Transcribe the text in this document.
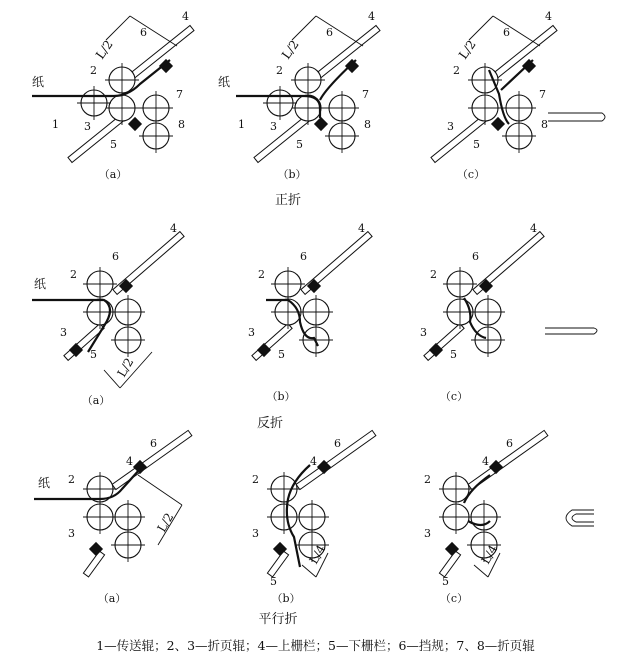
L/2
1
2
3
4
5
6
7
8
纸
L/2
1
2
3
4
5
6
7
8
纸
L/2
2
3
4
5
6
7
8
2
3
4
5
6
纸
L/2
2
3
4
5
6
2
3
4
5
6
2
3
4
6
纸
L/2
2
3
4
5
6
L/4
2
3
4
5
6
L/4
正折
反折
平行折
（a）	（b）	（c）
（a）	（b）	（c）
（a）	（b）	（c）
1—传送辊；2、3—折页辊；4—上栅栏；5—下栅栏；6—挡规；7、8—折页辊
